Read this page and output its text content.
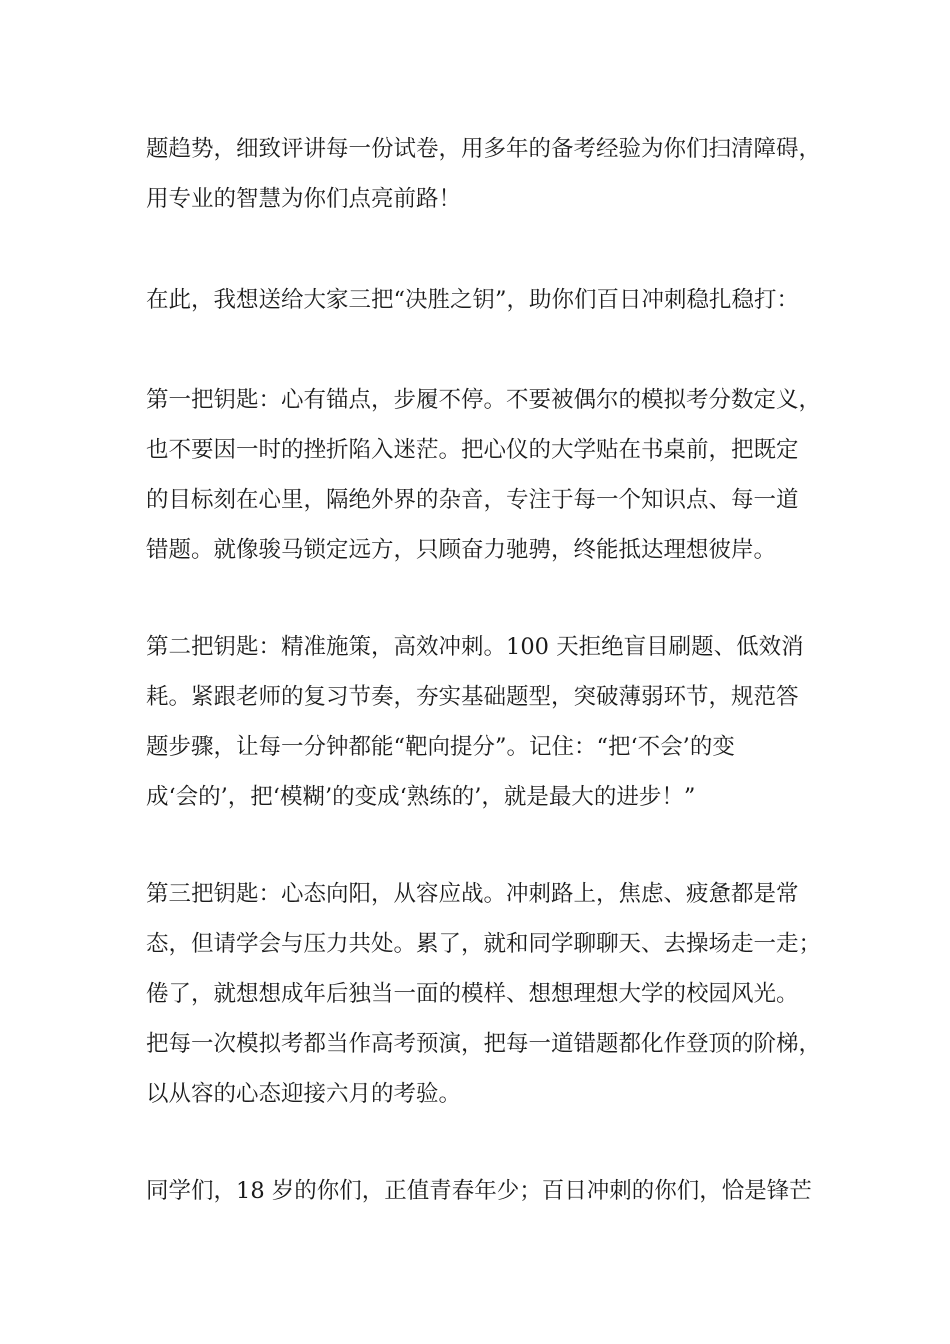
题趋势，细致评讲每一份试卷，用多年的备考经验为你们扫清障碍，
用专业的智慧为你们点亮前路！
在此，我想送给大家三把“决胜之钥”，助你们百日冲刺稳扎稳打：
第一把钥匙：心有锚点，步履不停。不要被偶尔的模拟考分数定义，
也不要因一时的挫折陷入迷茫。把心仪的大学贴在书桌前，把既定
的目标刻在心里，隔绝外界的杂音，专注于每一个知识点、每一道
错题。就像骏马锁定远方，只顾奋力驰骋，终能抵达理想彼岸。
第二把钥匙：精准施策，高效冲刺。100 天拒绝盲目刷题、低效消
耗。紧跟老师的复习节奏，夯实基础题型，突破薄弱环节，规范答
题步骤，让每一分钟都能“靶向提分”。记住：“把‘不会’的变
成‘会的’，把‘模糊’的变成‘熟练的’，就是最大的进步！”
第三把钥匙：心态向阳，从容应战。冲刺路上，焦虑、疲惫都是常
态，但请学会与压力共处。累了，就和同学聊聊天、去操场走一走；
倦了，就想想成年后独当一面的模样、想想理想大学的校园风光。
把每一次模拟考都当作高考预演，把每一道错题都化作登顶的阶梯，
以从容的心态迎接六月的考验。
同学们，18 岁的你们，正值青春年少；百日冲刺的你们，恰是锋芒
